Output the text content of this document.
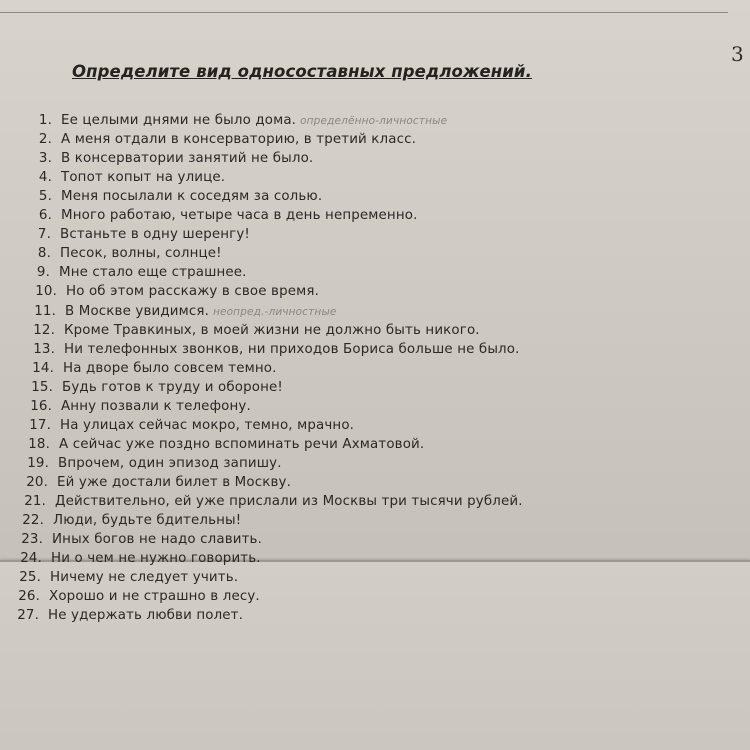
3
Определите вид односоставных предложений.
1. Ее целыми днями не было дома. определённо-личностные
2. А меня отдали в консерваторию, в третий класс.
3. В консерватории занятий не было.
4. Топот копыт на улице.
5. Меня посылали к соседям за солью.
6. Много работаю, четыре часа в день непременно.
7. Встаньте в одну шеренгу!
8. Песок, волны, солнце!
9. Мне стало еще страшнее.
10. Но об этом расскажу в свое время.
11. В Москве увидимся. неопред.-личностные
12. Кроме Травкиных, в моей жизни не должно быть никого.
13. Ни телефонных звонков, ни приходов Бориса больше не было.
14. На дворе было совсем темно.
15. Будь готов к труду и обороне!
16. Анну позвали к телефону.
17. На улицах сейчас мокро, темно, мрачно.
18. А сейчас уже поздно вспоминать речи Ахматовой.
19. Впрочем, один эпизод запишу.
20. Ей уже достали билет в Москву.
21. Действительно, ей уже прислали из Москвы три тысячи рублей.
22. Люди, будьте бдительны!
23. Иных богов не надо славить.
24. Ни о чем не нужно говорить.
25. Ничему не следует учить.
26. Хорошо и не страшно в лесу.
27. Не удержать любви полет.
